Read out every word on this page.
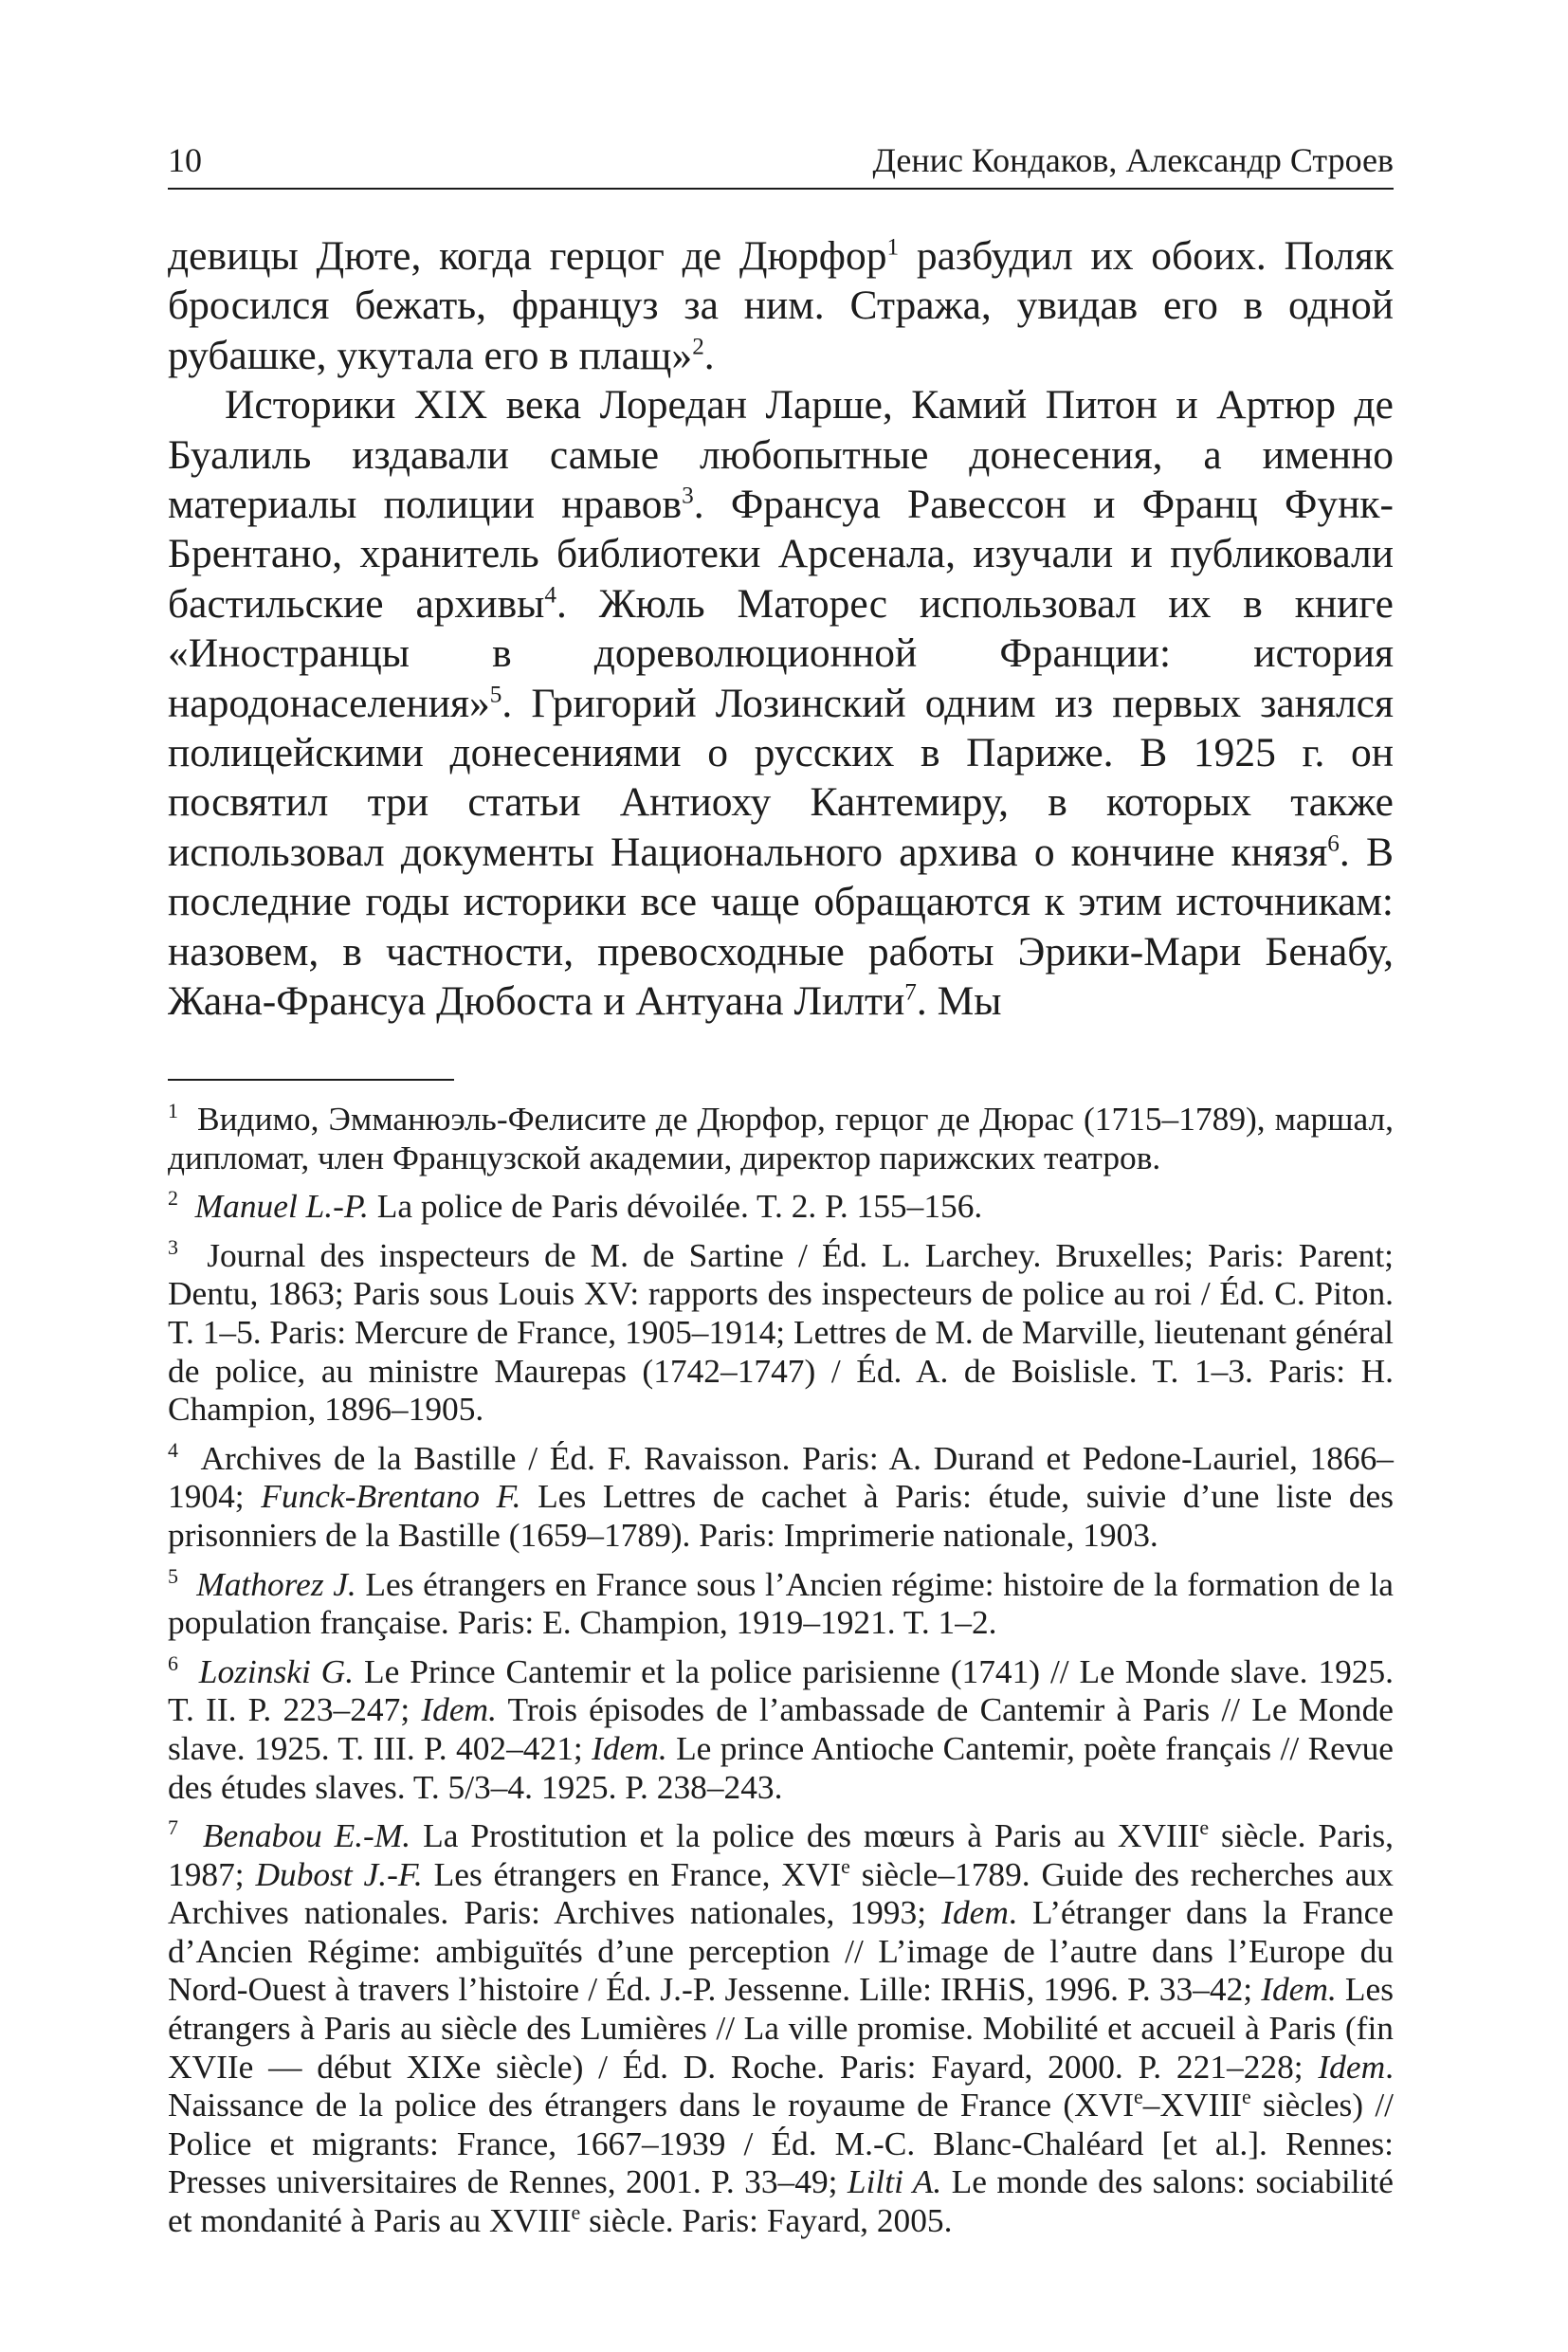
10	Денис Кондаков, Александр Строев

девицы Дюте, когда герцог де Дюрфор$^1$ разбудил их обоих. Поляк бросился бежать, француз за ним. Стража, увидав его в одной рубашке, укутала его в плащ»$^2$.

Историки XIX века Лоредан Ларше, Камий Питон и Артюр де Буалиль издавали самые любопытные донесения, а именно материалы полиции нравов$^3$. Франсуа Равессон и Франц Функ-Брентано, хранитель библиотеки Арсенала, изучали и публиковали бастильские архивы$^4$. Жюль Маторес использовал их в книге «Иностранцы в дореволюционной Франции: история народонаселения»$^5$. Григорий Лозинский одним из первых занялся полицейскими донесениями о русских в Париже. В 1925 г. он посвятил три статьи Антиоху Кантемиру, в которых также использовал документы Национального архива о кончине князя$^6$. В последние годы историки все чаще обращаются к этим источникам: назовем, в частности, превосходные работы Эрики-Мари Бенабу, Жана-Франсуа Дюбоста и Антуана Лилти$^7$. Мы

$^1$ Видимо, Эмманюэль-Фелисите де Дюрфор, герцог де Дюрас (1715–1789), маршал, дипломат, член Французской академии, директор парижских театров.

$^2$ Manuel L.-P. La police de Paris dévoilée. T. 2. P. 155–156.

$^3$ Journal des inspecteurs de M. de Sartine / Éd. L. Larchey. Bruxelles; Paris: Parent; Dentu, 1863; Paris sous Louis XV: rapports des inspecteurs de police au roi / Éd. C. Piton. T. 1–5. Paris: Mercure de France, 1905–1914; Lettres de M. de Marville, lieutenant général de police, au ministre Maurepas (1742–1747) / Éd. A. de Boislisle. T. 1–3. Paris: H. Champion, 1896–1905.

$^4$ Archives de la Bastille / Éd. F. Ravaisson. Paris: A. Durand et Pedone-Lauriel, 1866–1904; Funck-Brentano F. Les Lettres de cachet à Paris: étude, suivie d’une liste des prisonniers de la Bastille (1659–1789). Paris: Imprimerie nationale, 1903.

$^5$ Mathorez J. Les étrangers en France sous l’Ancien régime: histoire de la formation de la population française. Paris: E. Champion, 1919–1921. T. 1–2.

$^6$ Lozinski G. Le Prince Cantemir et la police parisienne (1741) // Le Monde slave. 1925. T. II. P. 223–247; Idem. Trois épisodes de l’ambassade de Cantemir à Paris // Le Monde slave. 1925. T. III. P. 402–421; Idem. Le prince Antioche Cantemir, poète français // Revue des études slaves. T. 5/3–4. 1925. P. 238–243.

$^7$ Benabou E.-M. La Prostitution et la police des mœurs à Paris au XVIIIe siècle. Paris, 1987; Dubost J.-F. Les étrangers en France, XVIe siècle–1789. Guide des recherches aux Archives nationales. Paris: Archives nationales, 1993; Idem. L’étranger dans la France d’Ancien Régime: ambiguïtés d’une perception // L’image de l’autre dans l’Europe du Nord-Ouest à travers l’histoire / Éd. J.-P. Jessenne. Lille: IRHiS, 1996. P. 33–42; Idem. Les étrangers à Paris au siècle des Lumières // La ville promise. Mobilité et accueil à Paris (fin XVIIe — début XIXe siècle) / Éd. D. Roche. Paris: Fayard, 2000. P. 221–228; Idem. Naissance de la police des étrangers dans le royaume de France (XVIe–XVIIIe siècles) // Police et migrants: France, 1667–1939 / Éd. M.-C. Blanc-Chaléard [et al.]. Rennes: Presses universitaires de Rennes, 2001. P. 33–49; Lilti A. Le monde des salons: sociabilité et mondanité à Paris au XVIIIe siècle. Paris: Fayard, 2005.
